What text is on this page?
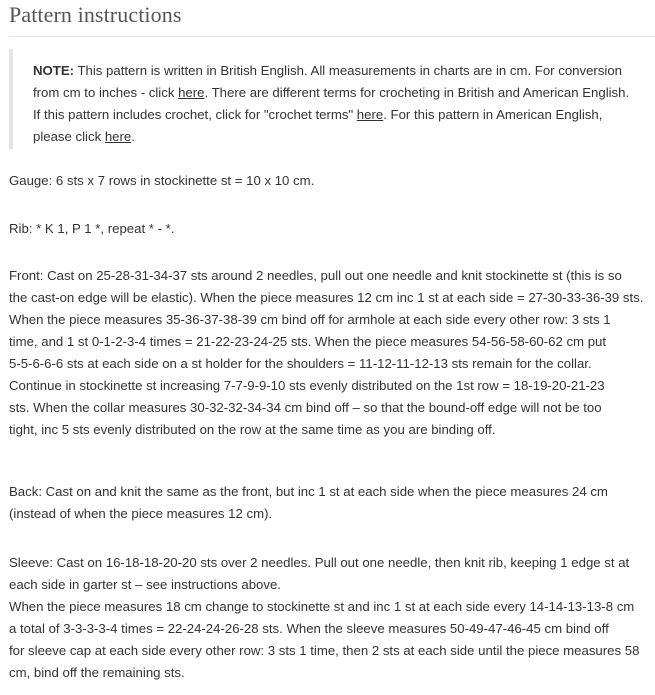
Pattern instructions
NOTE: This pattern is written in British English. All measurements in charts are in cm. For conversion from cm to inches - click here. There are different terms for crocheting in British and American English. If this pattern includes crochet, click for "crochet terms" here. For this pattern in American English, please click here.

Gauge: 6 sts x 7 rows in stockinette st = 10 x 10 cm.

Rib: * K 1, P 1 *, repeat * - *.

Front: Cast on 25-28-31-34-37 sts around 2 needles, pull out one needle and knit stockinette st (this is so
the cast-on edge will be elastic). When the piece measures 12 cm inc 1 st at each side = 27-30-33-36-39 sts.
When the piece measures 35-36-37-38-39 cm bind off for armhole at each side every other row: 3 sts 1
time, and 1 st 0-1-2-3-4 times = 21-22-23-24-25 sts. When the piece measures 54-56-58-60-62 cm put
5-5-6-6-6 sts at each side on a st holder for the shoulders = 11-12-11-12-13 sts remain for the collar.
Continue in stockinette st increasing 7-7-9-9-10 sts evenly distributed on the 1st row = 18-19-20-21-23
sts. When the collar measures 30-32-32-34-34 cm bind off – so that the bound-off edge will not be too
tight, inc 5 sts evenly distributed on the row at the same time as you are binding off.
Back: Cast on and knit the same as the front, but inc 1 st at each side when the piece measures 24 cm
(instead of when the piece measures 12 cm).
Sleeve: Cast on 16-18-18-20-20 sts over 2 needles. Pull out one needle, then knit rib, keeping 1 edge st at
each side in garter st – see instructions above.
When the piece measures 18 cm change to stockinette st and inc 1 st at each side every 14-14-13-13-8 cm
a total of 3-3-3-3-4 times = 22-24-24-26-28 sts. When the sleeve measures 50-49-47-46-45 cm bind off
for sleeve cap at each side every other row: 3 sts 1 time, then 2 sts at each side until the piece measures 58
cm, bind off the remaining sts.
